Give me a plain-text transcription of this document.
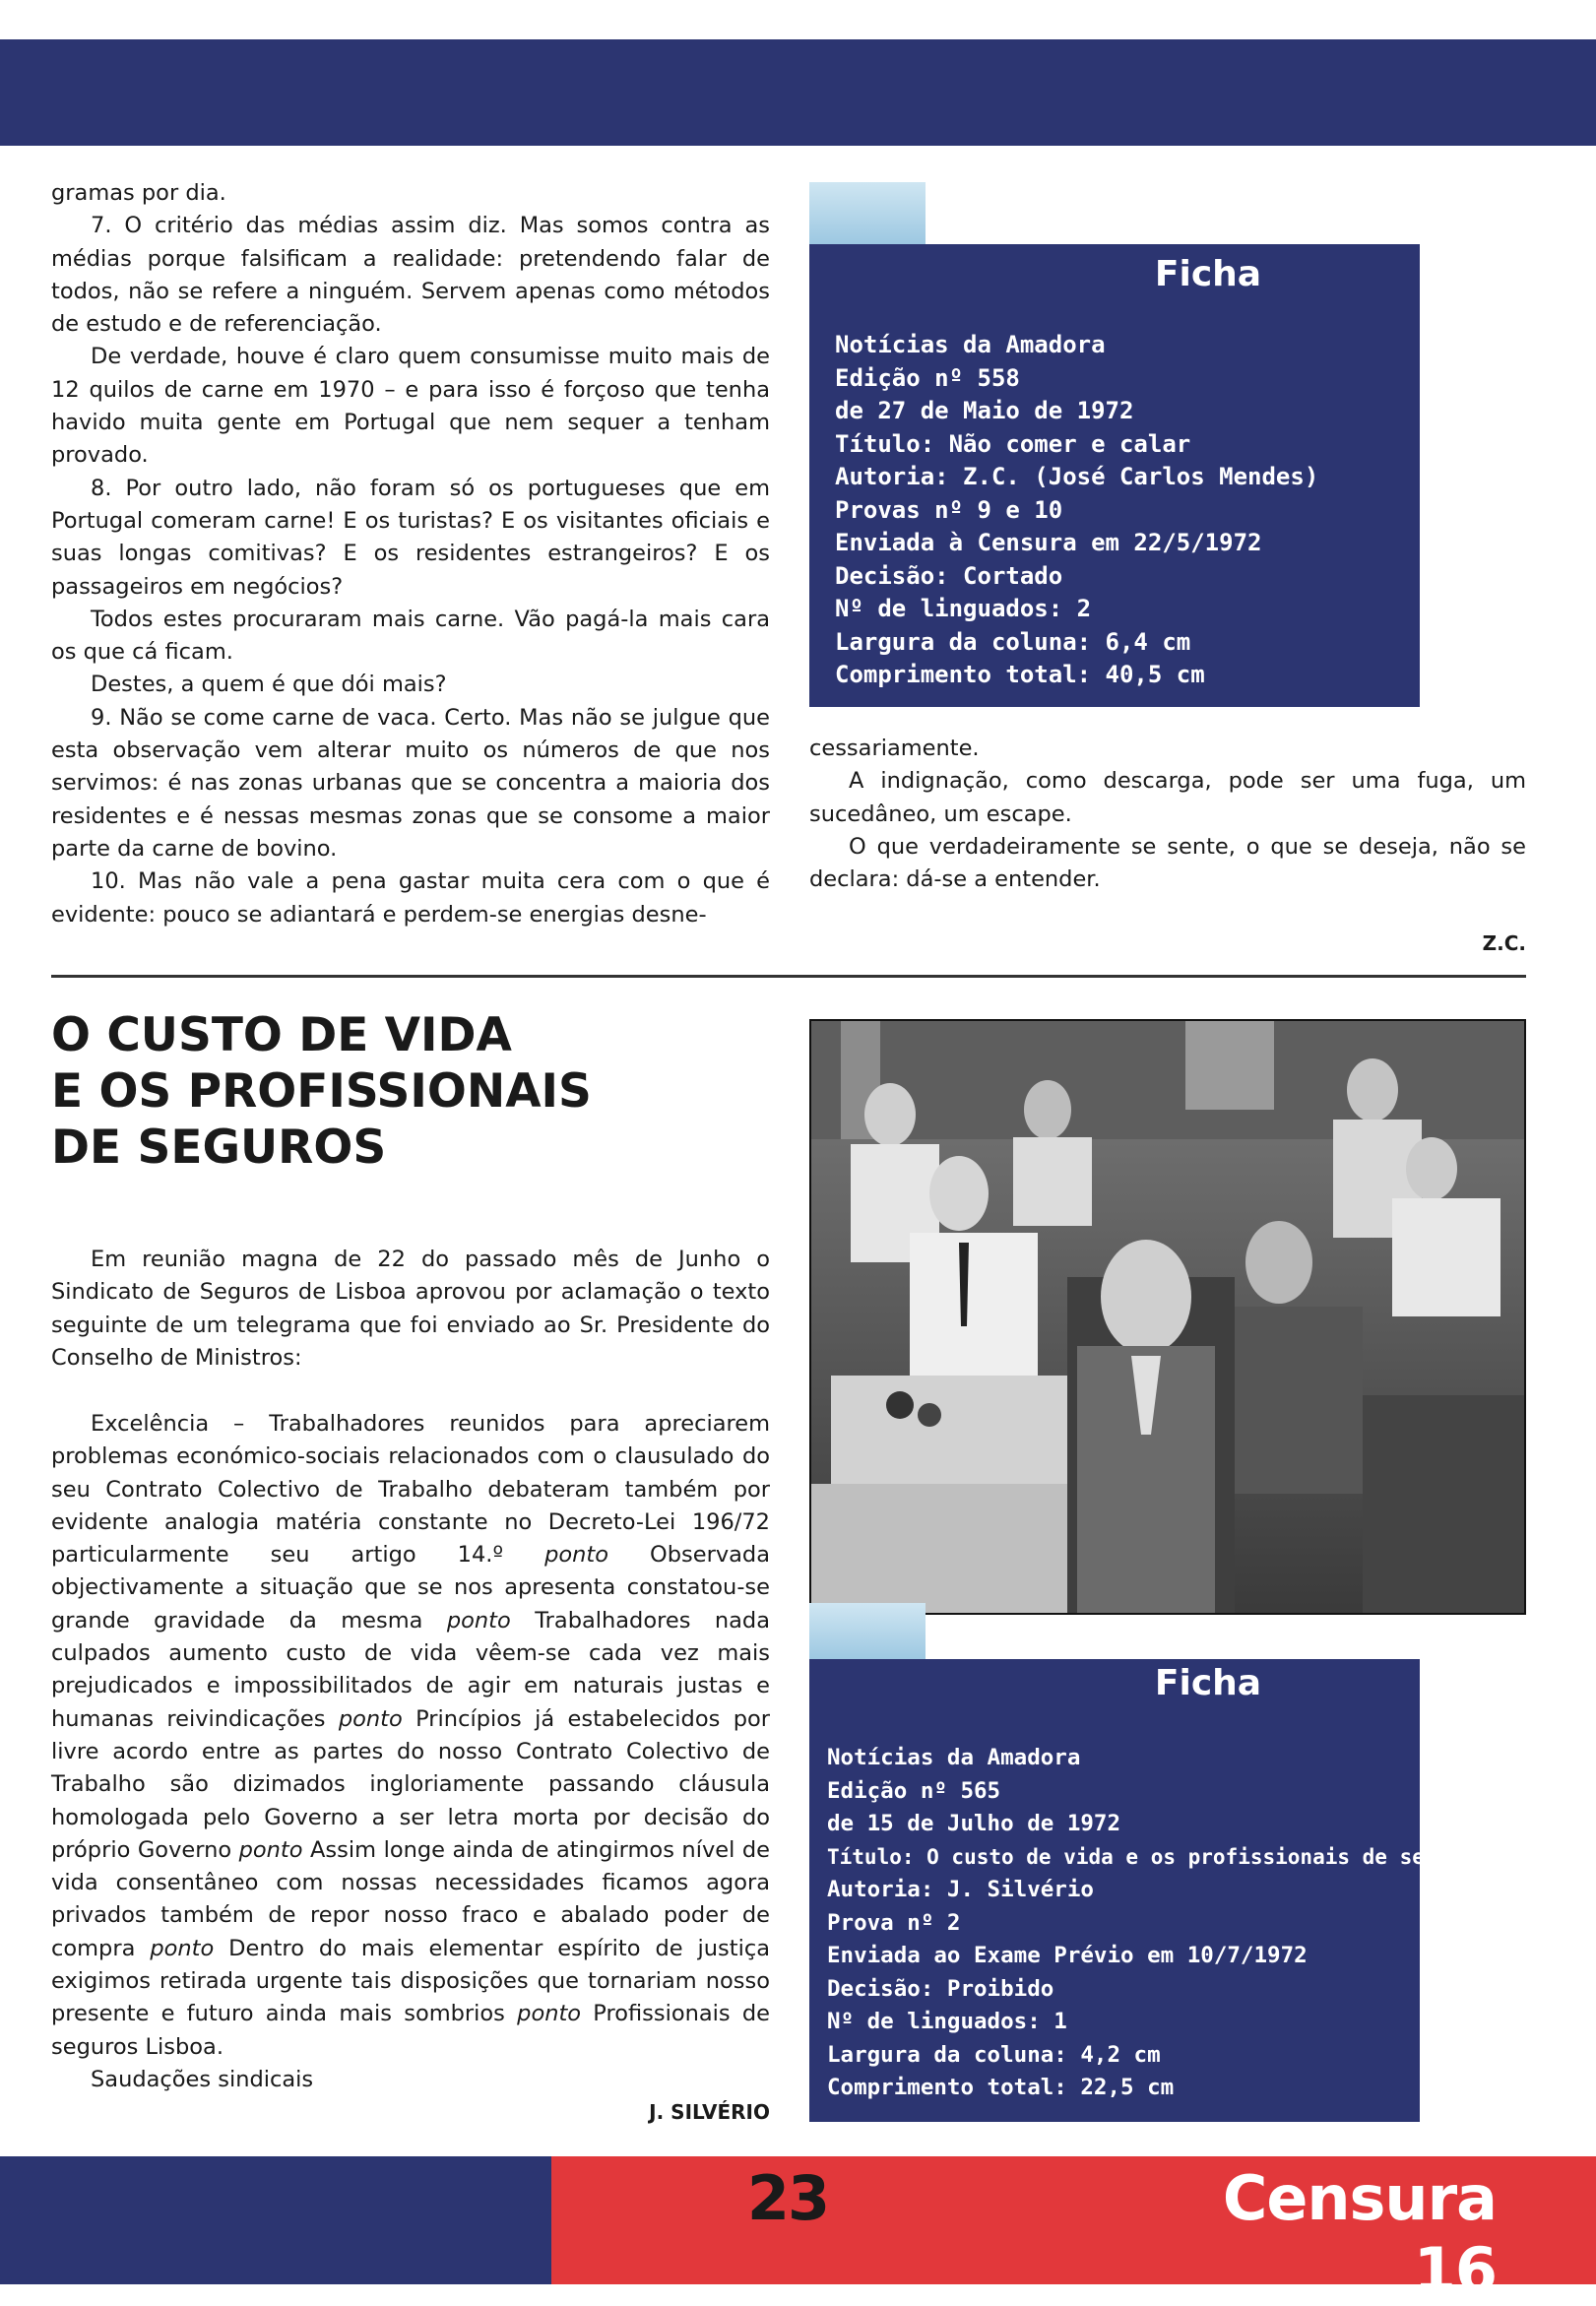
23	Censura 16

gramas por dia.

7. O critério das médias assim diz. Mas somos contra as médias porque falsificam a realidade: pretendendo falar de todos, não se refere a ninguém. Servem apenas como métodos de estudo e de referenciação.

De verdade, houve é claro quem consumisse muito mais de 12 quilos de carne em 1970 – e para isso é forçoso que tenha havido muita gente em Portugal que nem sequer a tenham provado.

8. Por outro lado, não foram só os portugueses que em Portugal comeram carne! E os turistas? E os visitantes oficiais e suas longas comitivas? E os residentes estrangeiros? E os passageiros em negócios?

Todos estes procuraram mais carne. Vão pagá-la mais cara os que cá ficam.

Destes, a quem é que dói mais?

9. Não se come carne de vaca. Certo. Mas não se julgue que esta observação vem alterar muito os números de que nos servimos: é nas zonas urbanas que se concentra a maioria dos residentes e é nessas mesmas zonas que se consome a maior parte da carne de bovino.

10. Mas não vale a pena gastar muita cera com o que é evidente: pouco se adiantará e perdem-se energias desne-

Ficha
Notícias da Amadora
Edição nº 558
de 27 de Maio de 1972
Título: Não comer e calar
Autoria: Z.C. (José Carlos Mendes)
Provas nº 9 e 10
Enviada à Censura em 22/5/1972
Decisão: Cortado
Nº de linguados: 2
Largura da coluna: 6,4 cm
Comprimento total: 40,5 cm

cessariamente.

A indignação, como descarga, pode ser uma fuga, um sucedâneo, um escape.

O que verdadeiramente se sente, o que se deseja, não se declara: dá-se a entender.

Z.C.
O CUSTO DE VIDA
E OS PROFISSIONAIS
DE SEGUROS

Em reunião magna de 22 do passado mês de Junho o Sindicato de Seguros de Lisboa aprovou por aclamação o texto seguinte de um telegrama que foi enviado ao Sr. Presidente do Conselho de Ministros:

Excelência – Trabalhadores reunidos para apreciarem problemas económico-sociais relacionados com o clausulado do seu Contrato Colectivo de Trabalho debateram também por evidente analogia matéria constante no Decreto-Lei 196/72 particularmente seu artigo 14.º ponto Observada objectivamente a situação que se nos apresenta constatou-se grande gravidade da mesma ponto Trabalhadores nada culpados aumento custo de vida vêem-se cada vez mais prejudicados e impossibilitados de agir em naturais justas e humanas reivindicações ponto Princípios já estabelecidos por livre acordo entre as partes do nosso Contrato Colectivo de Trabalho são dizimados ingloriamente passando cláusula homologada pelo Governo a ser letra morta por decisão do próprio Governo ponto Assim longe ainda de atingirmos nível de vida consentâneo com nossas necessidades ficamos agora privados também de repor nosso fraco e abalado poder de compra ponto Dentro do mais elementar espírito de justiça exigimos retirada urgente tais disposições que tornariam nosso presente e futuro ainda mais sombrios ponto Profissionais de seguros Lisboa.

Saudações sindicais

J. SILVÉRIO
Ficha
Notícias da Amadora
Edição nº 565
de 15 de Julho de 1972
Título: O custo de vida e os profissionais de seguros
Autoria: J. Silvério
Prova nº 2
Enviada ao Exame Prévio em 10/7/1972
Decisão: Proibido
Nº de linguados: 1
Largura da coluna: 4,2 cm
Comprimento total: 22,5 cm
